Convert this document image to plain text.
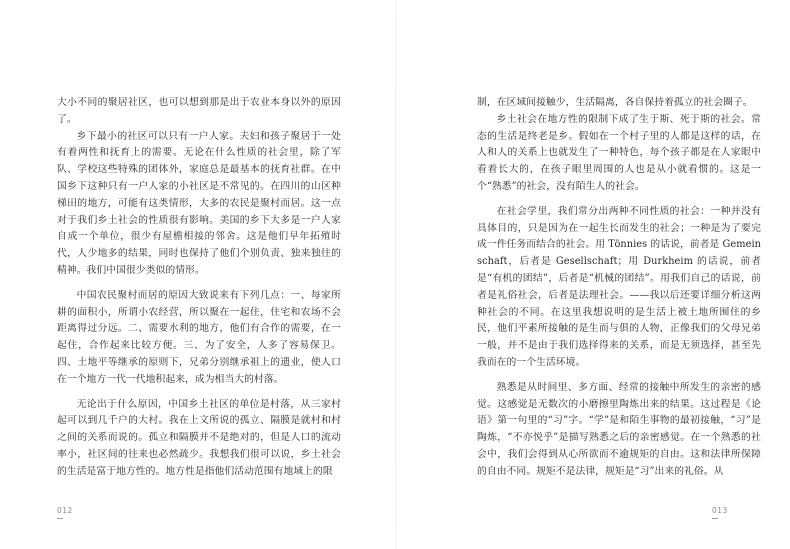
大小不同的聚居社区，也可以想到那是出于农业本身以外的原因了。

乡下最小的社区可以只有一户人家。夫妇和孩子聚居于一处有着两性和抚育上的需要。无论在什么性质的社会里，除了军队、学校这些特殊的团体外，家庭总是最基本的抚育社群。在中国乡下这种只有一户人家的小社区是不常见的。在四川的山区种梯田的地方，可能有这类情形，大多的农民是聚村而居。这一点对于我们乡土社会的性质很有影响。美国的乡下大多是一户人家自成一个单位，很少有屋檐相接的邻舍。这是他们早年拓殖时代，人少地多的结果，同时也保持了他们个别负责、独来独往的精神。我们中国很少类似的情形。

中国农民聚村而居的原因大致说来有下列几点：一、每家所耕的面积小，所谓小农经营，所以聚在一起住，住宅和农场不会距离得过分远。二、需要水利的地方，他们有合作的需要，在一起住，合作起来比较方便。三、为了安全，人多了容易保卫。四、土地平等继承的原则下，兄弟分别继承祖上的遗业，使人口在一个地方一代一代地积起来，成为相当大的村落。

无论出于什么原因，中国乡土社区的单位是村落，从三家村起可以到几千户的大村。我在上文所说的孤立、隔膜是就村和村之间的关系而说的。孤立和隔膜并不是绝对的，但是人口的流动率小，社区间的往来也必然疏少。我想我们很可以说，乡土社会的生活是富于地方性的。地方性是指他们活动范围有地域上的限

制，在区域间接触少，生活隔离，各自保持着孤立的社会圈子。

乡土社会在地方性的限制下成了生于斯、死于斯的社会。常态的生活是终老是乡。假如在一个村子里的人都是这样的话，在人和人的关系上也就发生了一种特色，每个孩子都是在人家眼中看着长大的，在孩子眼里周围的人也是从小就看惯的。这是一个“熟悉”的社会，没有陌生人的社会。

在社会学里，我们常分出两种不同性质的社会：一种并没有具体目的，只是因为在一起生长而发生的社会；一种是为了要完成一件任务而结合的社会。用 Tönnies 的话说，前者是 Gemeinschaft，后者是 Gesellschaft；用 Durkheim 的话说，前者是“有机的团结”，后者是“机械的团结”。用我们自己的话说，前者是礼俗社会，后者是法理社会。——我以后还要详细分析这两种社会的不同。在这里我想说明的是生活上被土地所囿住的乡民，他们平素所接触的是生而与俱的人物，正像我们的父母兄弟一般，并不是由于我们选择得来的关系，而是无须选择，甚至先我而在的一个生活环境。

熟悉是从时间里、多方面、经常的接触中所发生的亲密的感觉。这感觉是无数次的小磨擦里陶炼出来的结果。这过程是《论语》第一句里的“习”字。“学”是和陌生事物的最初接触，“习”是陶炼，“不亦悦乎”是描写熟悉之后的亲密感觉。在一个熟悉的社会中，我们会得到从心所欲而不逾规矩的自由。这和法律所保障的自由不同。规矩不是法律，规矩是“习”出来的礼俗。从

012	013
